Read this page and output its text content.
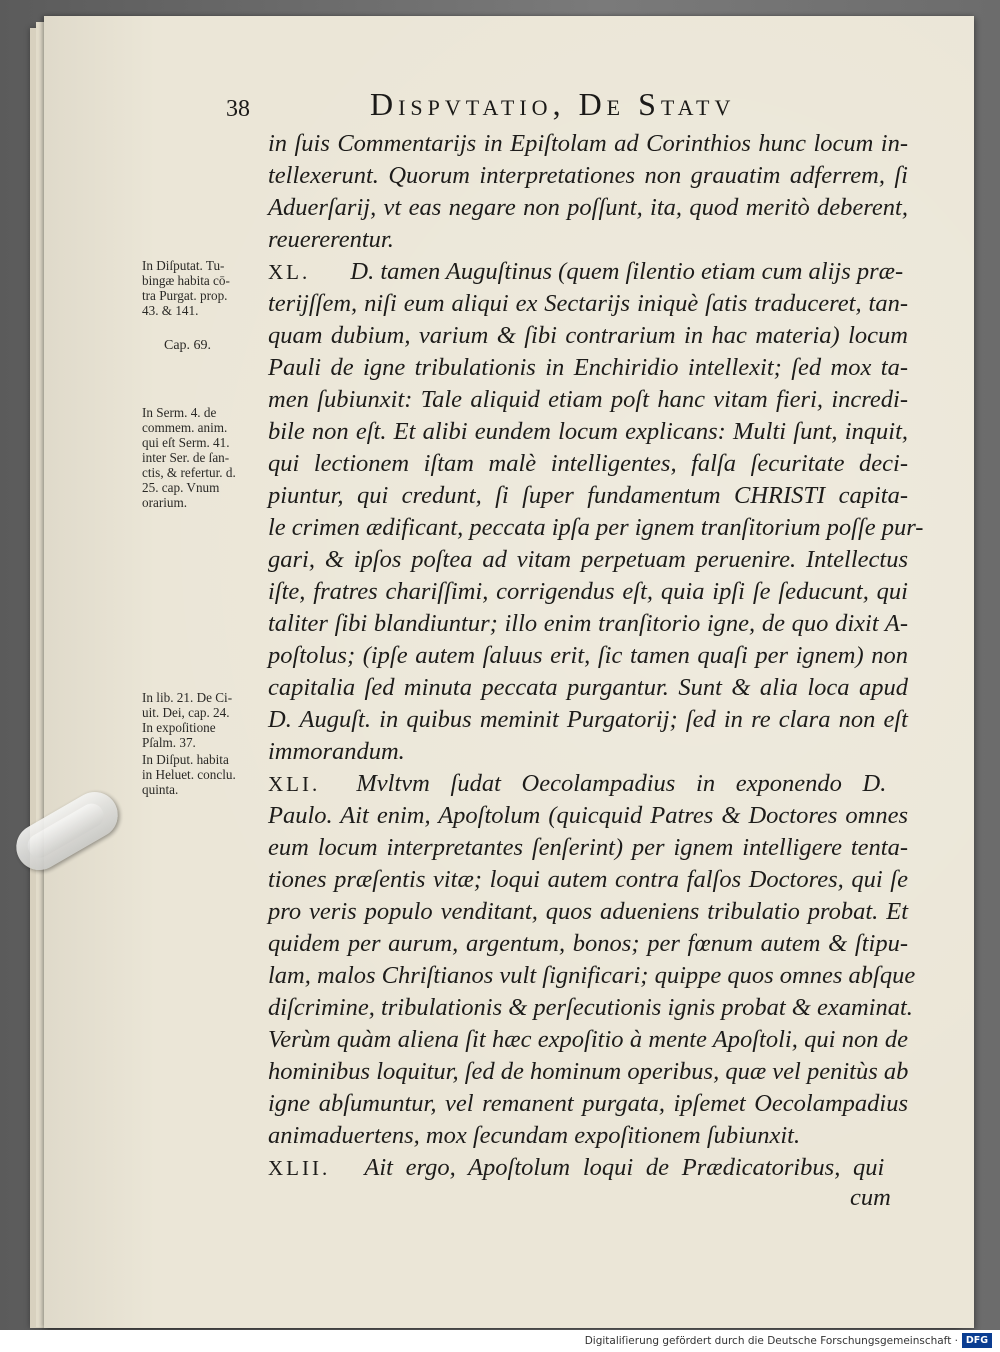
38	Dispvtatio, De Statv
in ſuis Commentarijs in Epiſtolam ad Corinthios hunc locum in-
tellexerunt. Quorum interpretationes non grauatim adferrem, ſi
Aduerſarij, vt eas negare non poſſunt, ita, quod meritò deberent,
reuererentur.
XL. D. tamen Auguſtinus (quem ſilentio etiam cum alijs præ-
terijſſem, niſi eum aliqui ex Sectarijs iniquè ſatis traduceret, tan-
quam dubium, varium & ſibi contrarium in hac materia) locum
Pauli de igne tribulationis in Enchiridio intellexit; ſed mox ta-
men ſubiunxit: Tale aliquid etiam poſt hanc vitam fieri, incredi-
bile non eſt. Et alibi eundem locum explicans: Multi ſunt, inquit,
qui lectionem iſtam malè intelligentes, falſa ſecuritate deci-
piuntur, qui credunt, ſi ſuper fundamentum CHRISTI capita-
le crimen ædificant, peccata ipſa per ignem tranſitorium poſſe pur-
gari, & ipſos poſtea ad vitam perpetuam peruenire. Intellectus
iſte, fratres chariſſimi, corrigendus eſt, quia ipſi ſe ſeducunt, qui
taliter ſibi blandiuntur; illo enim tranſitorio igne, de quo dixit A-
poſtolus; (ipſe autem ſaluus erit, ſic tamen quaſi per ignem) non
capitalia ſed minuta peccata purgantur. Sunt & alia loca apud
D. Auguſt. in quibus meminit Purgatorij; ſed in re clara non eſt
immorandum.
XLI. Mvltvm ſudat Oecolampadius in exponendo D.
Paulo. Ait enim, Apoſtolum (quicquid Patres & Doctores omnes
eum locum interpretantes ſenſerint) per ignem intelligere tenta-
tiones præſentis vitæ; loqui autem contra falſos Doctores, qui ſe
pro veris populo venditant, quos adueniens tribulatio probat. Et
quidem per aurum, argentum, bonos; per fœnum autem & ſtipu-
lam, malos Chriſtianos vult ſignificari; quippe quos omnes abſque
diſcrimine, tribulationis & perſecutionis ignis probat & examinat.
Verùm quàm aliena ſit hæc expoſitio à mente Apoſtoli, qui non de
hominibus loquitur, ſed de hominum operibus, quæ vel penitùs ab
igne abſumuntur, vel remanent purgata, ipſemet Oecolampadius
animaduertens, mox ſecundam expoſitionem ſubiunxit.
XLII. Ait ergo, Apoſtolum loqui de Prædicatoribus, qui
cum
In Diſputat. Tu-
bingæ habita cō-
tra Purgat. prop.
43. & 141.
Cap. 69.
In Serm. 4. de
commem. anim.
qui eſt Serm. 41.
inter Ser. de ſan-
ctis, & refertur. d.
25. cap. Vnum
orarium.
In lib. 21. De Ci-
uit. Dei, cap. 24.
In expoſitione
Pſalm. 37.
In Diſput. habita
in Heluet. conclu.
quinta.
Digitaliſierung gefördert durch die Deutsche Forschungsgemeinschaft · DFG
